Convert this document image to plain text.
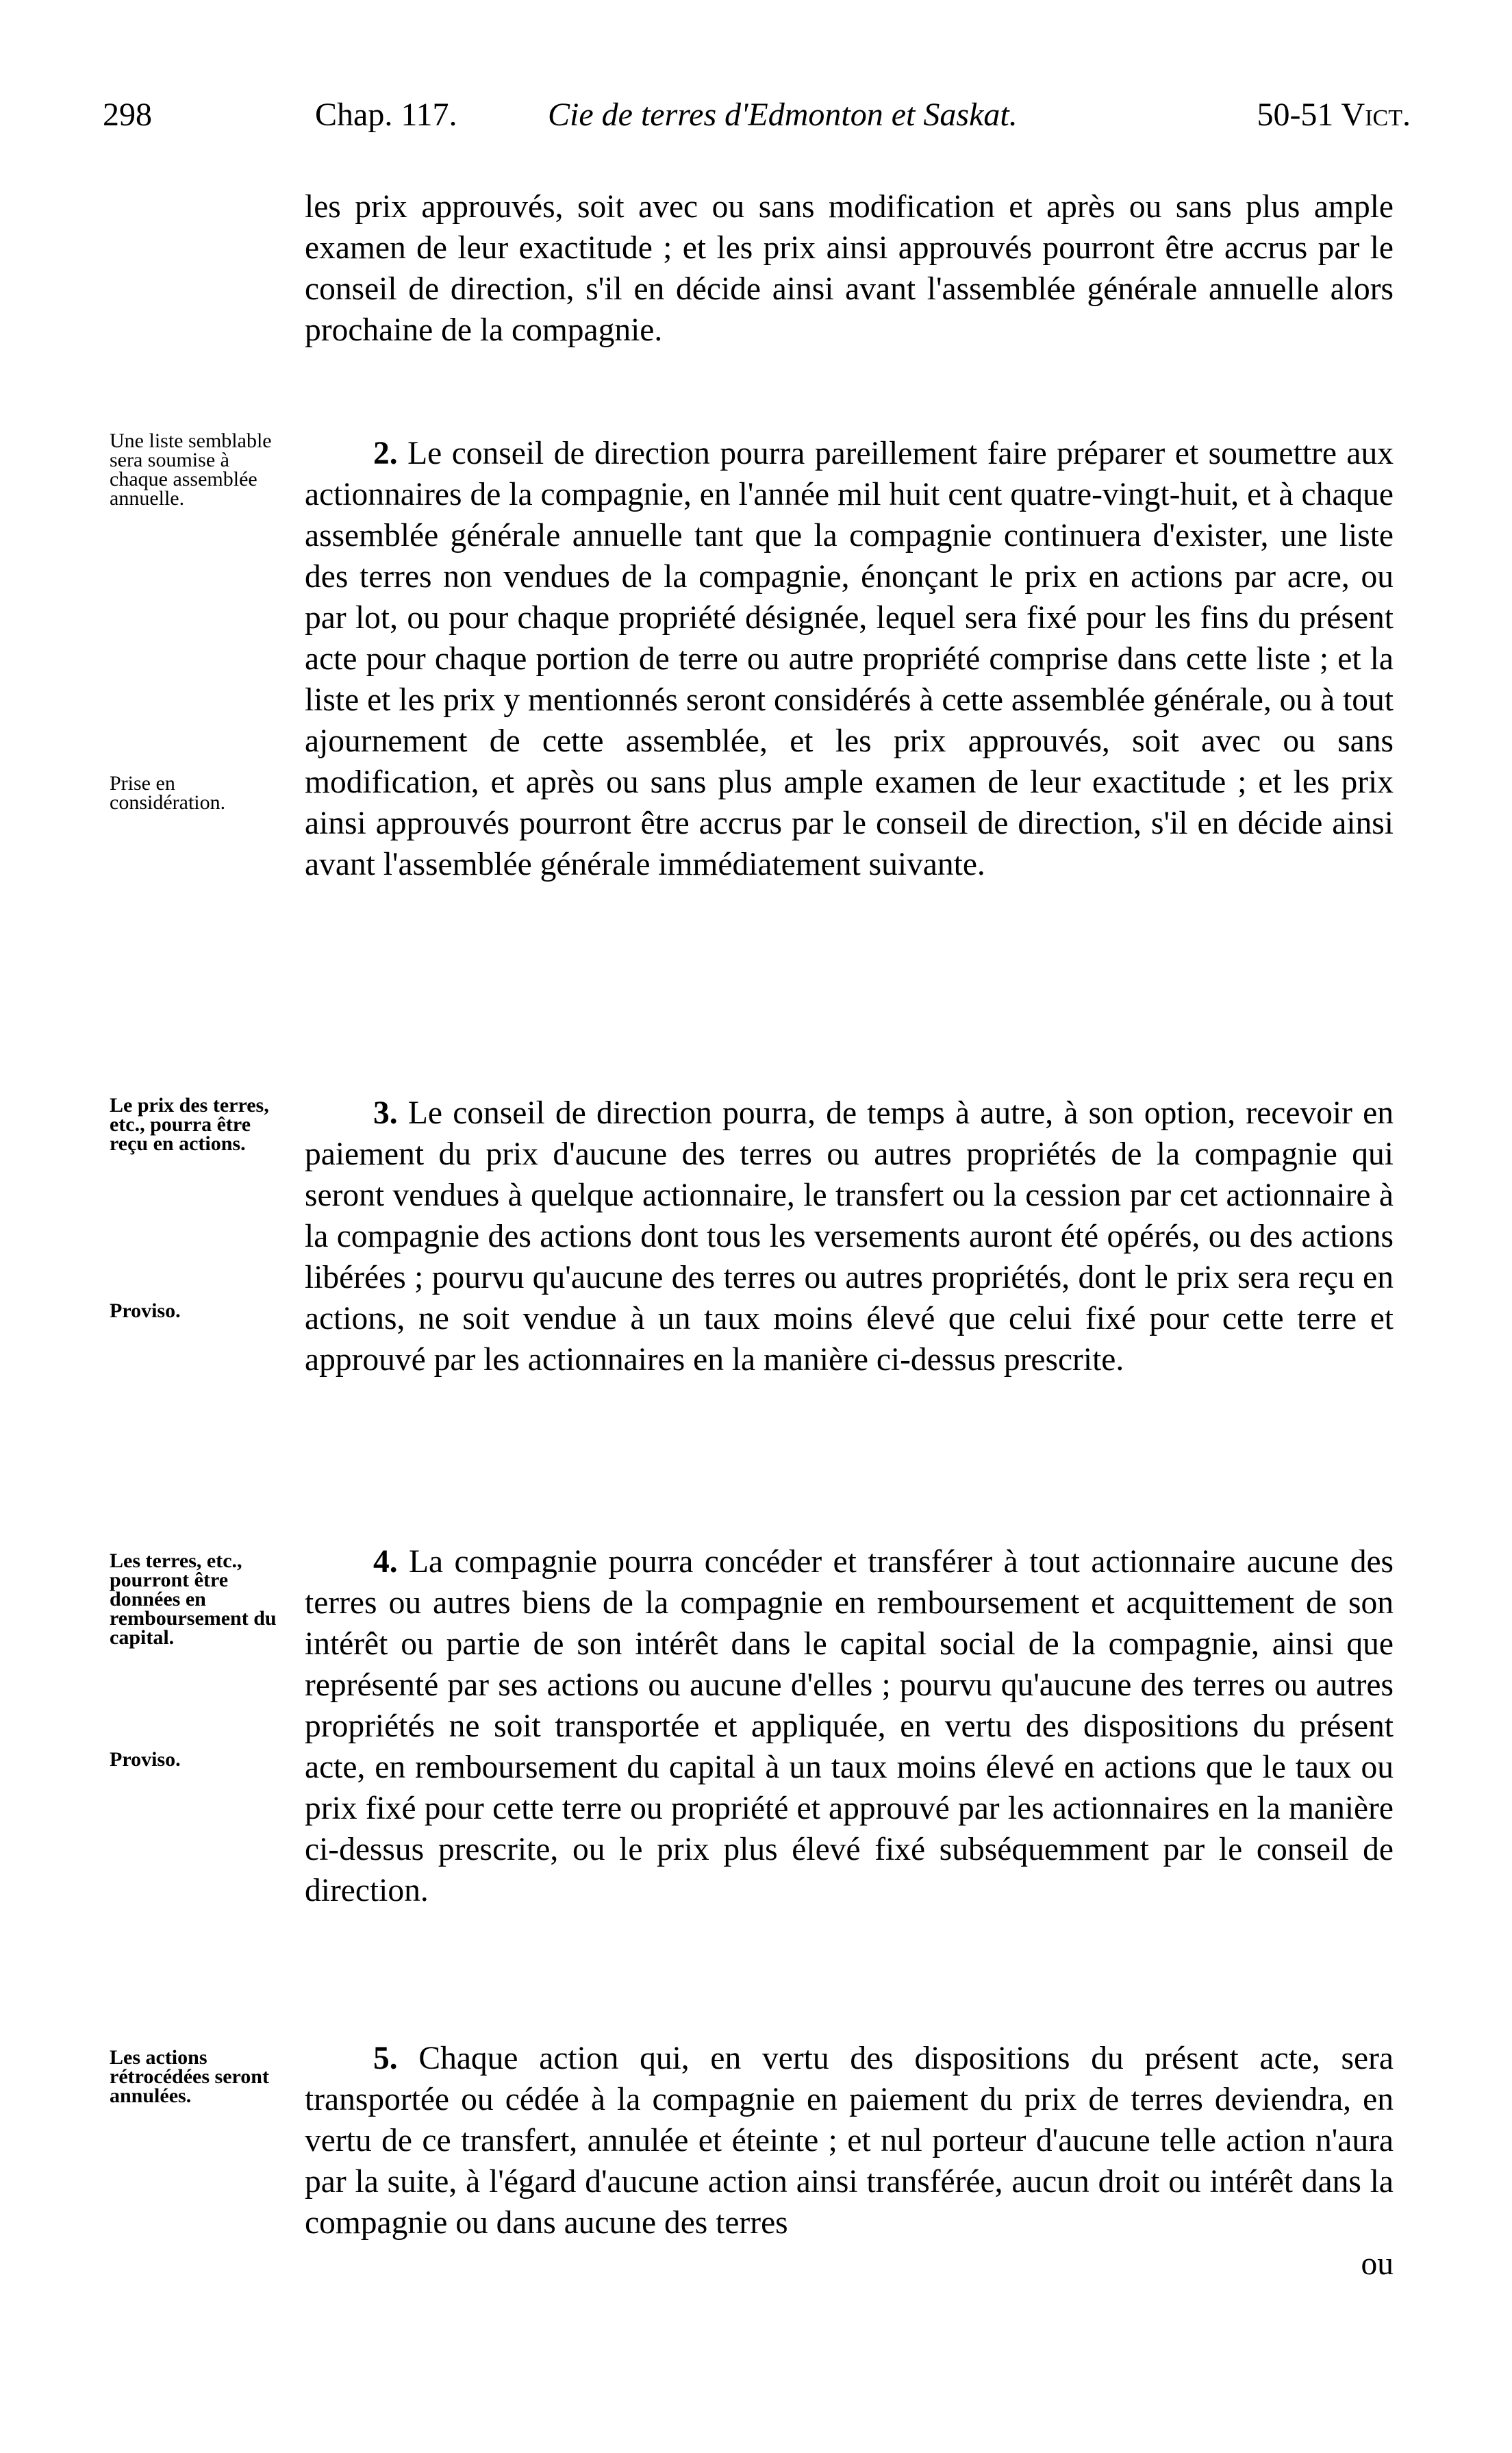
298	Chap. 117.	Cie de terres d'Edmonton et Saskat.	50-51 Vict.
Une liste semblable sera soumise à chaque assemblée annuelle.
Prise en considération.
Le prix des terres, etc., pourra être reçu en actions.
Proviso.
Les terres, etc., pourront être données en remboursement du capital.
Proviso.
Les actions rétrocédées seront annulées.

les prix approuvés, soit avec ou sans modification et après ou sans plus ample examen de leur exactitude ; et les prix ainsi approuvés pourront être accrus par le conseil de direction, s'il en décide ainsi avant l'assemblée générale annuelle alors prochaine de la compagnie.

2. Le conseil de direction pourra pareillement faire préparer et soumettre aux actionnaires de la compagnie, en l'année mil huit cent quatre-vingt-huit, et à chaque assemblée générale annuelle tant que la compagnie continuera d'exister, une liste des terres non vendues de la compagnie, énonçant le prix en actions par acre, ou par lot, ou pour chaque propriété désignée, lequel sera fixé pour les fins du présent acte pour chaque portion de terre ou autre propriété comprise dans cette liste ; et la liste et les prix y mentionnés seront considérés à cette assemblée générale, ou à tout ajournement de cette assemblée, et les prix approuvés, soit avec ou sans modification, et après ou sans plus ample examen de leur exactitude ; et les prix ainsi approuvés pourront être accrus par le conseil de direction, s'il en décide ainsi avant l'assemblée générale immédiatement suivante.

3. Le conseil de direction pourra, de temps à autre, à son option, recevoir en paiement du prix d'aucune des terres ou autres propriétés de la compagnie qui seront vendues à quelque actionnaire, le transfert ou la cession par cet actionnaire à la compagnie des actions dont tous les versements auront été opérés, ou des actions libérées ; pourvu qu'aucune des terres ou autres propriétés, dont le prix sera reçu en actions, ne soit vendue à un taux moins élevé que celui fixé pour cette terre et approuvé par les actionnaires en la manière ci-dessus prescrite.

4. La compagnie pourra concéder et transférer à tout actionnaire aucune des terres ou autres biens de la compagnie en remboursement et acquittement de son intérêt ou partie de son intérêt dans le capital social de la compagnie, ainsi que représenté par ses actions ou aucune d'elles ; pourvu qu'aucune des terres ou autres propriétés ne soit transportée et appliquée, en vertu des dispositions du présent acte, en remboursement du capital à un taux moins élevé en actions que le taux ou prix fixé pour cette terre ou propriété et approuvé par les actionnaires en la manière ci-dessus prescrite, ou le prix plus élevé fixé subséquemment par le conseil de direction.

5. Chaque action qui, en vertu des dispositions du présent acte, sera transportée ou cédée à la compagnie en paiement du prix de terres deviendra, en vertu de ce transfert, annulée et éteinte ; et nul porteur d'aucune telle action n'aura par la suite, à l'égard d'aucune action ainsi transférée, aucun droit ou intérêt dans la compagnie ou dans aucune des terres

ou
